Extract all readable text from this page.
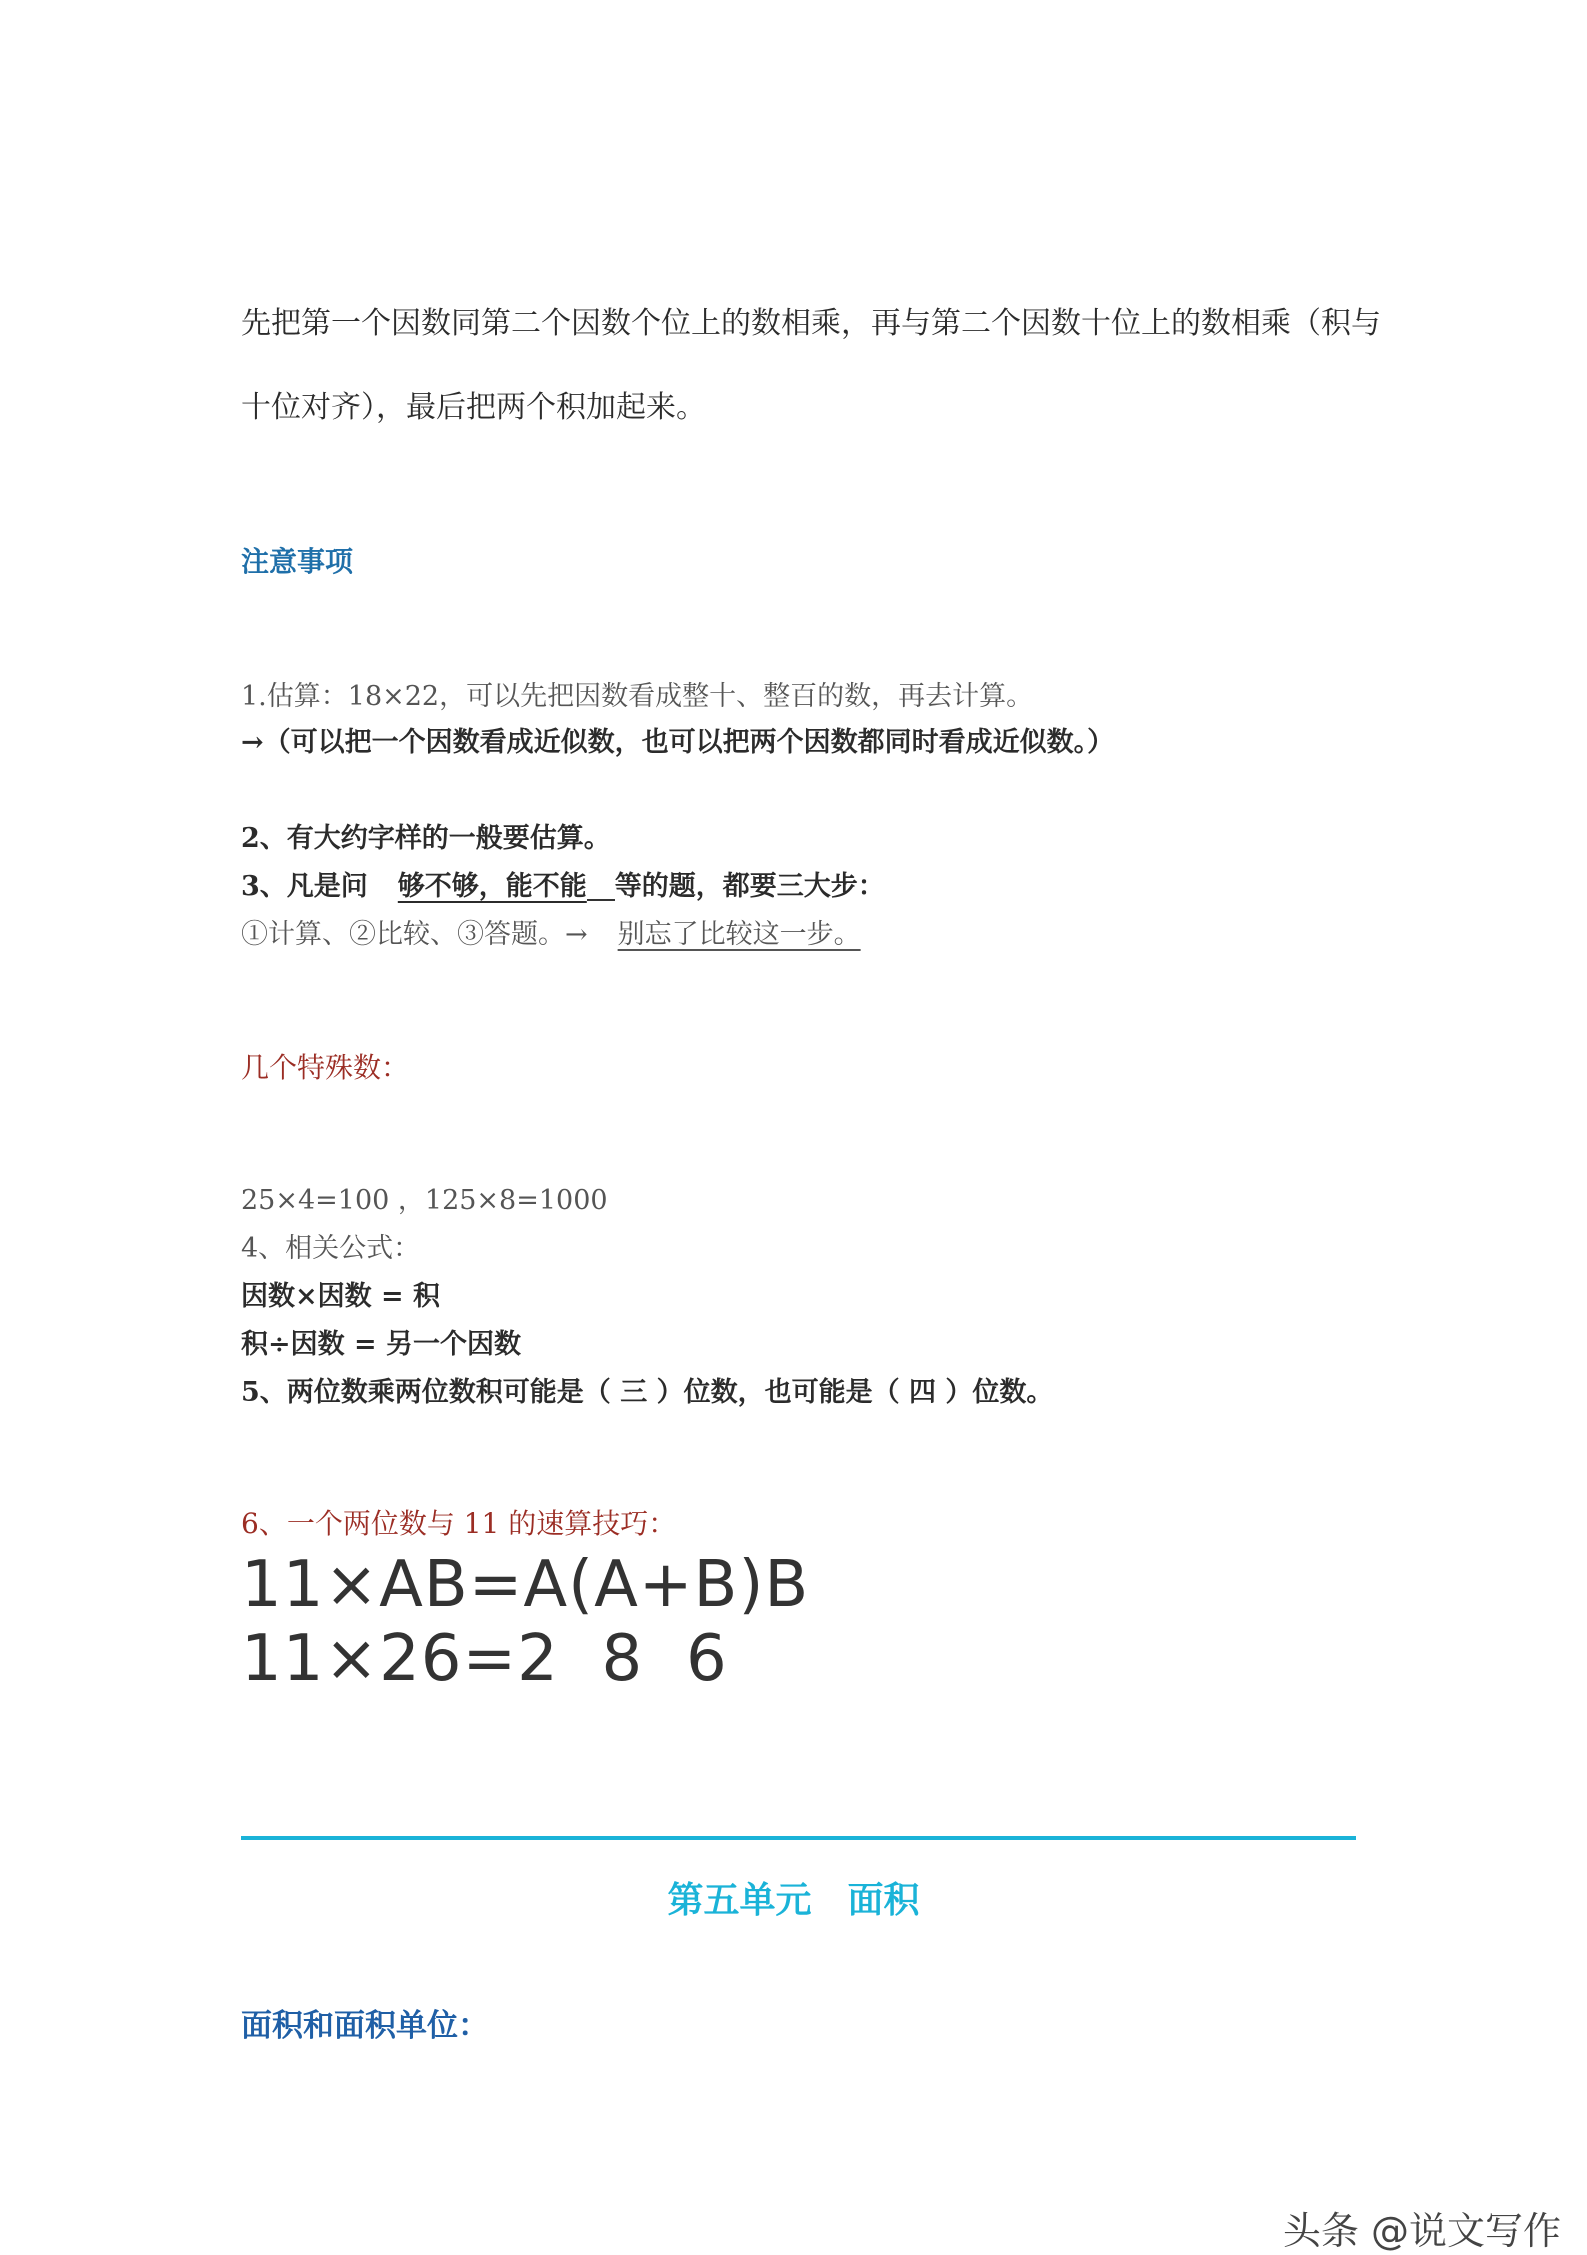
先把第一个因数同第二个因数个位上的数相乘，再与第二个因数十位上的数相乘（积与
十位对齐），最后把两个积加起来。
注意事项
1.估算：18×22，可以先把因数看成整十、整百的数，再去计算。
→（可以把一个因数看成近似数，也可以把两个因数都同时看成近似数。）
2、有大约字样的一般要估算。
3、凡是问 够不够，能不能 等的题，都要三大步：
①计算、②比较、③答题。→ 别忘了比较这一步。
几个特殊数：
25×4=100 ，125×8=1000
4、相关公式：
因数×因数 = 积
积÷因数 = 另一个因数
5、两位数乘两位数积可能是（ 三 ）位数，也可能是（ 四 ）位数。
6、一个两位数与 11 的速算技巧：
11×AB=A(A+B)B
11×26=2  8  6
第五单元　面积
面积和面积单位：
头条 @说文写作
